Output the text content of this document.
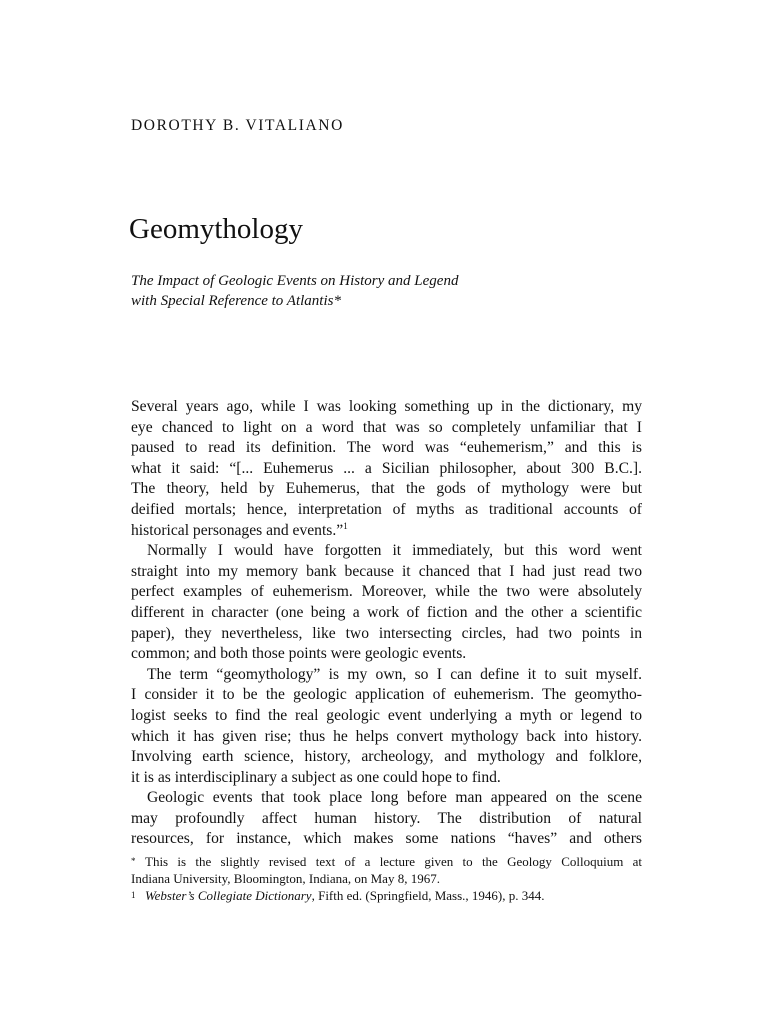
DOROTHY B. VITALIANO
Geomythology
The Impact of Geologic Events on History and Legend
with Special Reference to Atlantis*
Several years ago, while I was looking something up in the dictionary, my
eye chanced to light on a word that was so completely unfamiliar that I
paused to read its definition. The word was “euhemerism,” and this is
what it said: “[... Euhemerus ... a Sicilian philosopher, about 300 B.C.].
The theory, held by Euhemerus, that the gods of mythology were but
deified mortals; hence, interpretation of myths as traditional accounts of
historical personages and events.”$^1$
Normally I would have forgotten it immediately, but this word went
straight into my memory bank because it chanced that I had just read two
perfect examples of euhemerism. Moreover, while the two were absolutely
different in character (one being a work of fiction and the other a scientific
paper), they nevertheless, like two intersecting circles, had two points in
common; and both those points were geologic events.
The term “geomythology” is my own, so I can define it to suit myself.
I consider it to be the geologic application of euhemerism. The geomytho-
logist seeks to find the real geologic event underlying a myth or legend to
which it has given rise; thus he helps convert mythology back into history.
Involving earth science, history, archeology, and mythology and folklore,
it is as interdisciplinary a subject as one could hope to find.
Geologic events that took place long before man appeared on the scene
may profoundly affect human history. The distribution of natural
resources, for instance, which makes some nations “haves” and others
* This is the slightly revised text of a lecture given to the Geology Colloquium at
Indiana University, Bloomington, Indiana, on May 8, 1967.
1 Webster’s Collegiate Dictionary, Fifth ed. (Springfield, Mass., 1946), p. 344.
